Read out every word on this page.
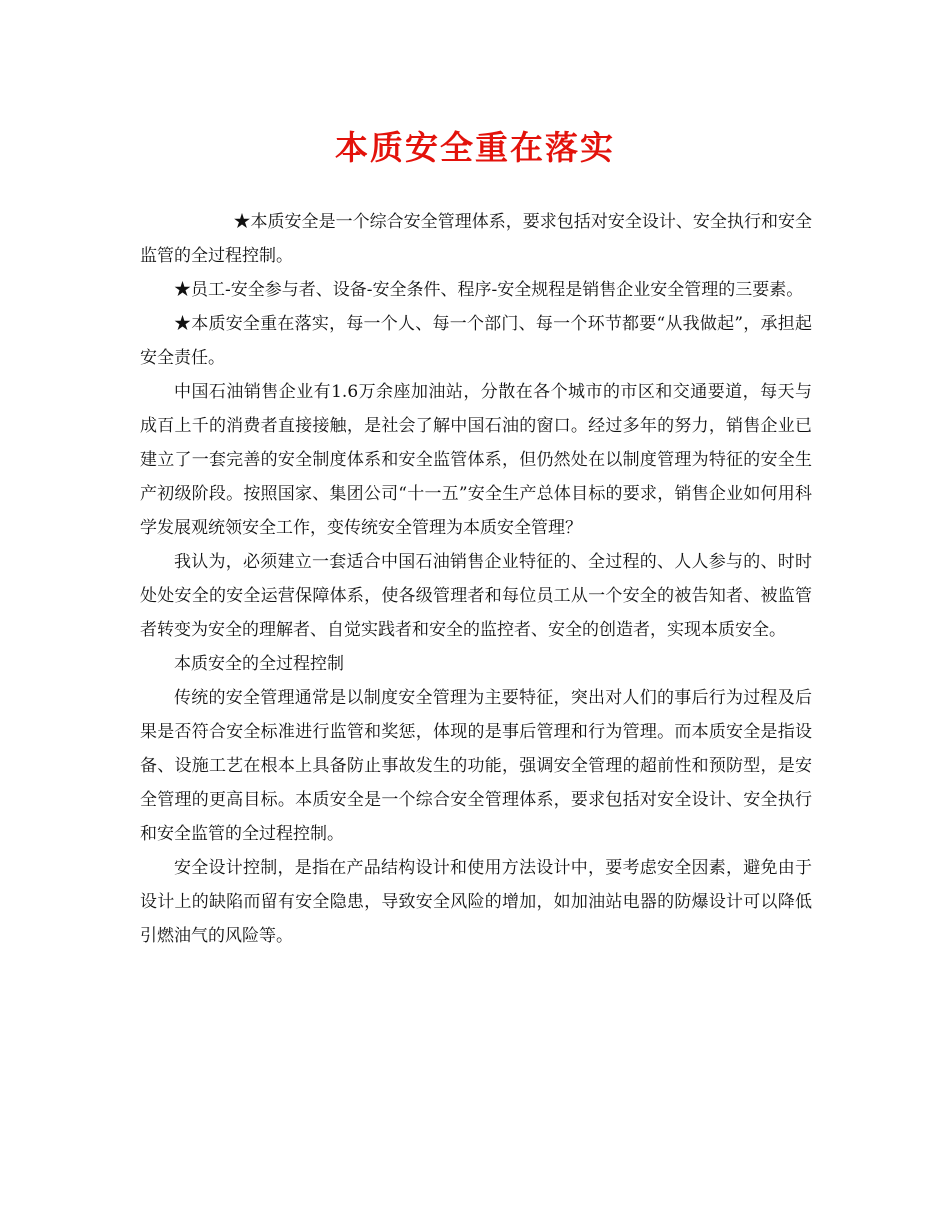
本质安全重在落实

★本质安全是一个综合安全管理体系，要求包括对安全设计、安全执行和安全监管的全过程控制。

★员工-安全参与者、设备-安全条件、程序-安全规程是销售企业安全管理的三要素。

★本质安全重在落实，每一个人、每一个部门、每一个环节都要“从我做起”，承担起安全责任。

中国石油销售企业有1.6万余座加油站，分散在各个城市的市区和交通要道，每天与成百上千的消费者直接接触，是社会了解中国石油的窗口。经过多年的努力，销售企业已建立了一套完善的安全制度体系和安全监管体系，但仍然处在以制度管理为特征的安全生产初级阶段。按照国家、集团公司“十一五”安全生产总体目标的要求，销售企业如何用科学发展观统领安全工作，变传统安全管理为本质安全管理？

我认为，必须建立一套适合中国石油销售企业特征的、全过程的、人人参与的、时时处处安全的安全运营保障体系，使各级管理者和每位员工从一个安全的被告知者、被监管者转变为安全的理解者、自觉实践者和安全的监控者、安全的创造者，实现本质安全。

本质安全的全过程控制

传统的安全管理通常是以制度安全管理为主要特征，突出对人们的事后行为过程及后果是否符合安全标准进行监管和奖惩，体现的是事后管理和行为管理。而本质安全是指设备、设施工艺在根本上具备防止事故发生的功能，强调安全管理的超前性和预防型，是安全管理的更高目标。本质安全是一个综合安全管理体系，要求包括对安全设计、安全执行和安全监管的全过程控制。

安全设计控制，是指在产品结构设计和使用方法设计中，要考虑安全因素，避免由于设计上的缺陷而留有安全隐患，导致安全风险的增加，如加油站电器的防爆设计可以降低引燃油气的风险等。
